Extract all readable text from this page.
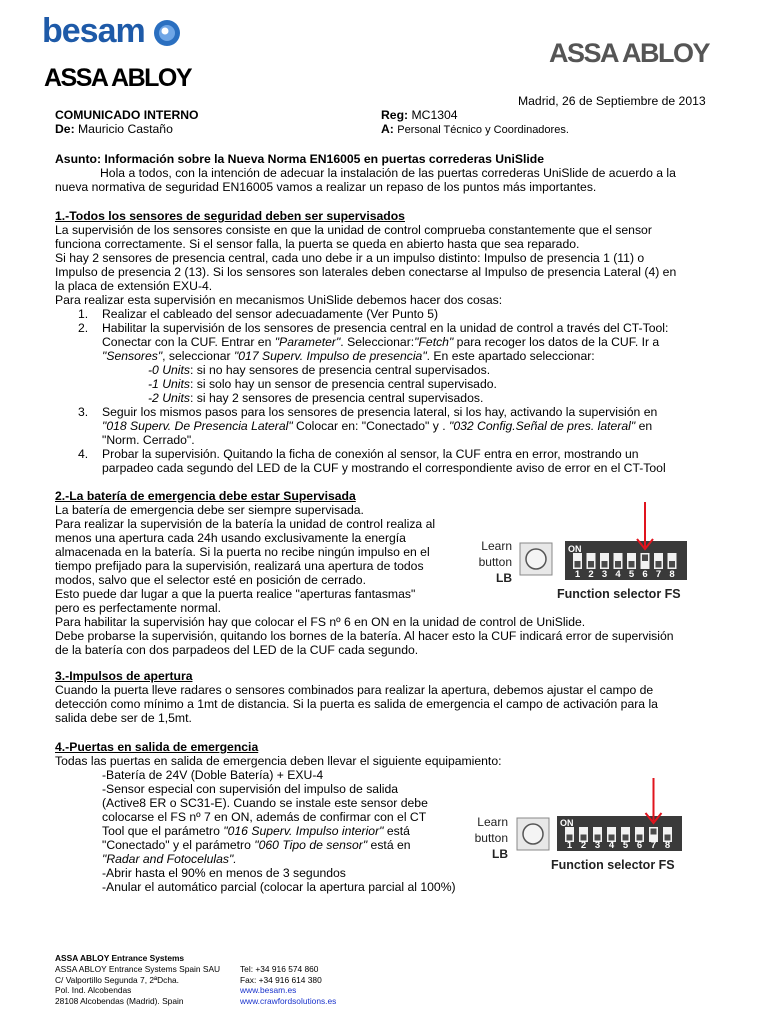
besam
ASSA ABLOY
ASSA ABLOY
Madrid, 26 de Septiembre de 2013
COMUNICADO INTERNO	Reg: MC1304
De: Mauricio Castaño	A: Personal Técnico y Coordinadores.
Asunto: Información sobre la Nueva Norma EN16005 en puertas correderas UniSlide
Hola a todos, con la intención de adecuar la instalación de las puertas correderas UniSlide de acuerdo a la
nueva normativa de seguridad EN16005 vamos a realizar un repaso de los puntos más importantes.
1.-Todos los sensores de seguridad deben ser supervisados
La supervisión de los sensores consiste en que la unidad de control comprueba constantemente que el sensor
funciona correctamente. Si el sensor falla, la puerta se queda en abierto hasta que sea reparado.
Si hay 2 sensores de presencia central, cada uno debe ir a un impulso distinto: Impulso de presencia 1 (11) o
Impulso de presencia 2 (13). Si los sensores son laterales deben conectarse al Impulso de presencia Lateral (4) en
la placa de extensión EXU-4.
Para realizar esta supervisión en mecanismos UniSlide debemos hacer dos cosas:
1. Realizar el cableado del sensor adecuadamente (Ver Punto 5)
2. Habilitar la supervisión de los sensores de presencia central en la unidad de control a través del CT-Tool:
Conectar con la CUF. Entrar en "Parameter". Seleccionar:"Fetch" para recoger los datos de la CUF. Ir a
"Sensores", seleccionar "017 Superv. Impulso de presencia". En este apartado seleccionar:
-0 Units: si no hay sensores de presencia central supervisados.
-1 Units: si solo hay un sensor de presencia central supervisado.
-2 Units: si hay 2 sensores de presencia central supervisados.
3. Seguir los mismos pasos para los sensores de presencia lateral, si los hay, activando la supervisión en
"018 Superv. De Presencia Lateral" Colocar en: "Conectado" y . "032 Config.Señal de pres. lateral" en
"Norm. Cerrado".
4. Probar la supervisión. Quitando la ficha de conexión al sensor, la CUF entra en error, mostrando un
parpadeo cada segundo del LED de la CUF y mostrando el correspondiente aviso de error en el CT-Tool
2.-La batería de emergencia debe estar Supervisada
La batería de emergencia debe ser siempre supervisada.
Para realizar la supervisión de la batería la unidad de control realiza al
menos una apertura cada 24h usando exclusivamente la energía
almacenada en la batería. Si la puerta no recibe ningún impulso en el
tiempo prefijado para la supervisión, realizará una apertura de todos
modos, salvo que el selector esté en posición de cerrado.
Esto puede dar lugar a que la puerta realice "aperturas fantasmas"
pero es perfectamente normal.
Para habilitar la supervisión hay que colocar el FS nº 6 en ON en la unidad de control de UniSlide.
Debe probarse la supervisión, quitando los bornes de la batería. Al hacer esto la CUF indicará error de supervisión
de la batería con dos parpadeos del LED de la CUF cada segundo.
Learn
button
LB
ON
1 2 3 4 5 6 7 8
Function selector FS
3.-Impulsos de apertura
Cuando la puerta lleve radares o sensores combinados para realizar la apertura, debemos ajustar el campo de
detección como mínimo a 1mt de distancia. Si la puerta es salida de emergencia el campo de activación para la
salida debe ser de 1,5mt.
4.-Puertas en salida de emergencia
Todas las puertas en salida de emergencia deben llevar el siguiente equipamiento:
-Batería de 24V (Doble Batería) + EXU-4
-Sensor especial con supervisión del impulso de salida
(Active8 ER o SC31-E). Cuando se instale este sensor debe
colocarse el FS nº 7 en ON, además de confirmar con el CT
Tool que el parámetro "016 Superv. Impulso interior" está
"Conectado" y el parámetro "060 Tipo de sensor" está en
"Radar and Fotocelulas".
-Abrir hasta el 90% en menos de 3 segundos
-Anular el automático parcial (colocar la apertura parcial al 100%)
Learn
button
LB
ON
1 2 3 4 5 6 7 8
Function selector FS
ASSA ABLOY Entrance Systems
ASSA ABLOY Entrance Systems Spain SAU
C/ Valportillo Segunda 7, 2ªDcha.
Pol. Ind. Alcobendas
28108 Alcobendas (Madrid). Spain
Tel: +34 916 574 860
Fax: +34 916 614 380
www.besam.es
www.crawfordsolutions.es
